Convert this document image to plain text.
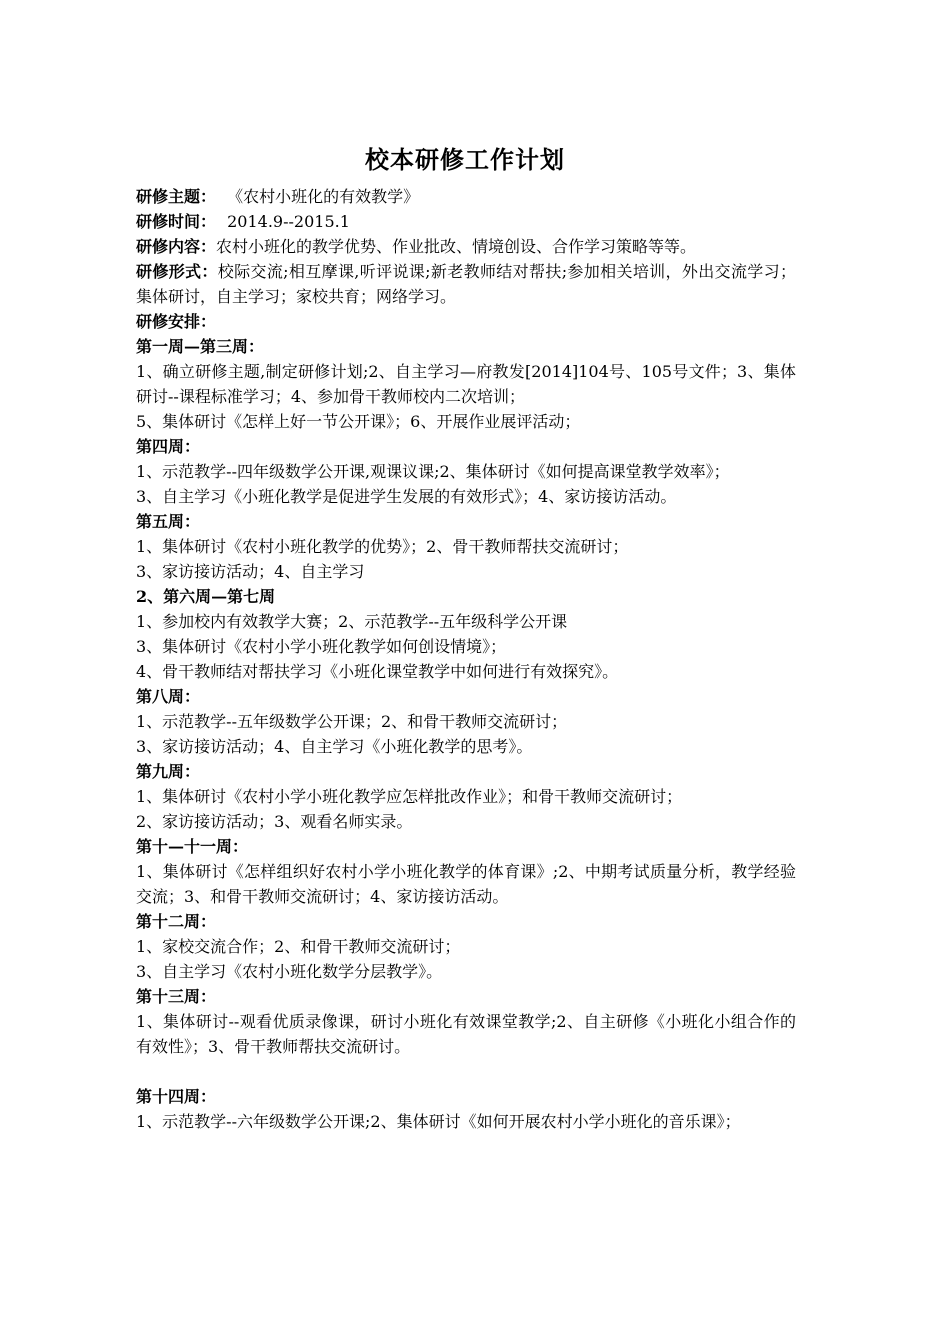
校本研修工作计划
研修主题： 《农村小班化的有效教学》
研修时间： 2014.9--2015.1
研修内容：农村小班化的教学优势、作业批改、情境创设、合作学习策略等等。
研修形式：校际交流;相互摩课,听评说课;新老教师结对帮扶;参加相关培训，外出交流学习；集体研讨，自主学习；家校共育；网络学习。
研修安排：
第一周—第三周：
1、确立研修主题,制定研修计划;2、自主学习—府教发[2014]104号、105号文件；3、集体研讨--课程标准学习；4、参加骨干教师校内二次培训；
5、集体研讨《怎样上好一节公开课》；6、开展作业展评活动；
第四周：
1、示范教学--四年级数学公开课,观课议课;2、集体研讨《如何提高课堂教学效率》；
3、自主学习《小班化教学是促进学生发展的有效形式》；4、家访接访活动。
第五周：
1、集体研讨《农村小班化教学的优势》；2、骨干教师帮扶交流研讨；
3、家访接访活动；4、自主学习
2、第六周—第七周
1、参加校内有效教学大赛；2、示范教学--五年级科学公开课
3、集体研讨《农村小学小班化教学如何创设情境》；
4、骨干教师结对帮扶学习《小班化课堂教学中如何进行有效探究》。
第八周：
1、示范教学--五年级数学公开课；2、和骨干教师交流研讨；
3、家访接访活动；4、自主学习《小班化教学的思考》。
第九周：
1、集体研讨《农村小学小班化教学应怎样批改作业》；和骨干教师交流研讨；
2、家访接访活动；3、观看名师实录。
第十—十一周：
1、集体研讨《怎样组织好农村小学小班化教学的体育课》;2、中期考试质量分析，教学经验交流；3、和骨干教师交流研讨；4、家访接访活动。
第十二周：
1、家校交流合作；2、和骨干教师交流研讨；
3、自主学习《农村小班化数学分层教学》。
第十三周：
1、集体研讨--观看优质录像课，研讨小班化有效课堂教学;2、自主研修《小班化小组合作的有效性》；3、骨干教师帮扶交流研讨。
第十四周：
1、示范教学--六年级数学公开课;2、集体研讨《如何开展农村小学小班化的音乐课》；
